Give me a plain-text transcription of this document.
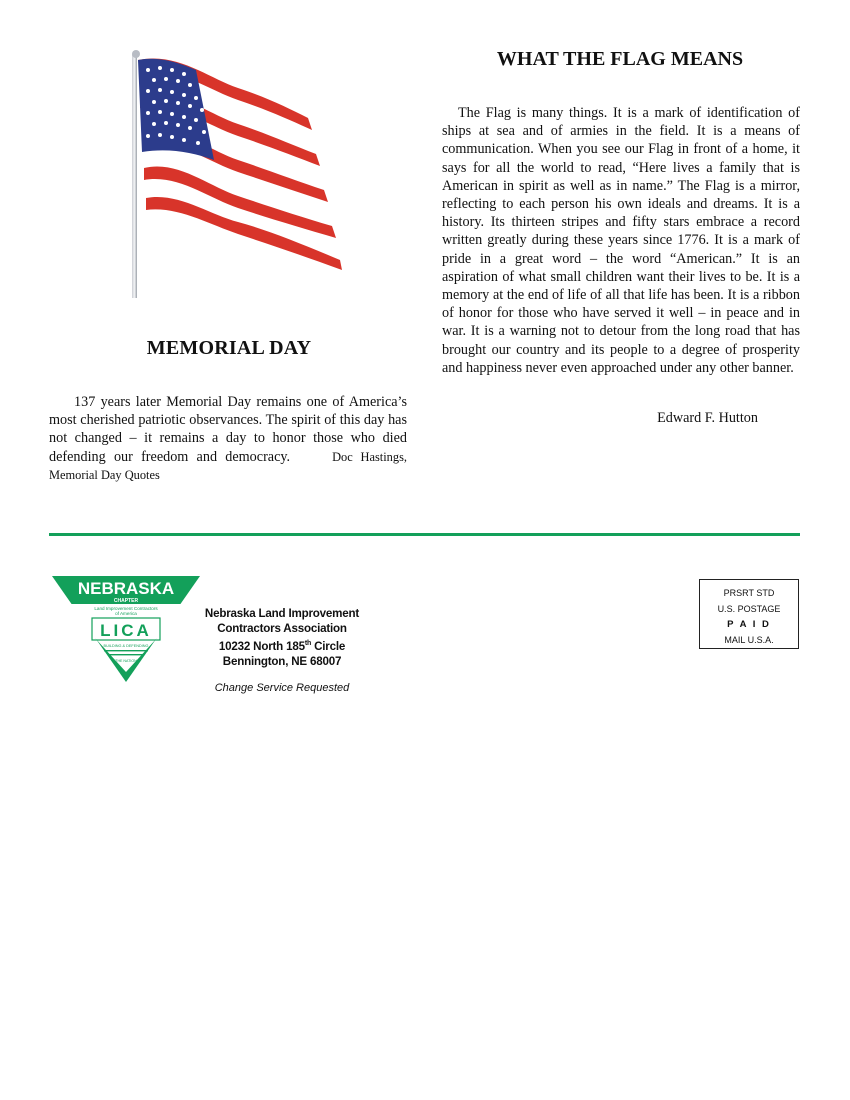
MEMORIAL DAY
137 years later Memorial Day remains one of America’s most cherished patriotic observances. The spirit of this day has not changed – it remains a day to honor those who died defending our freedom and democracy.	Doc Hastings, Memorial Day Quotes
WHAT THE FLAG MEANS
The Flag is many things. It is a mark of identification of ships at sea and of armies in the field. It is a means of communication. When you see our Flag in front of a home, it says for all the world to read, “Here lives a family that is American in spirit as well as in name.” The Flag is a mirror, reflecting to each person his own ideals and dreams. It is a history. Its thirteen stripes and fifty stars embrace a record written greatly during these years since 1776. It is a mark of pride in a great word – the word “American.” It is an aspiration of what small children want their lives to be. It is a memory at the end of life of all that life has been. It is a ribbon of honor for those who have served it well – in peace and in war. It is a warning not to detour from the long road that has brought our country and its people to a degree of prosperity and happiness never even approached under any other banner.
Edward F. Hutton
NEBRASKA
CHAPTER
Land Improvement Contractors
of America
LICA
BUILDING & DEFENDING
THE NATION
Nebraska Land Improvement
Contractors Association
10232 North 185th Circle
Bennington, NE 68007
Change Service Requested
PRSRT STD
U.S. POSTAGE
P A I D
MAIL U.S.A.
